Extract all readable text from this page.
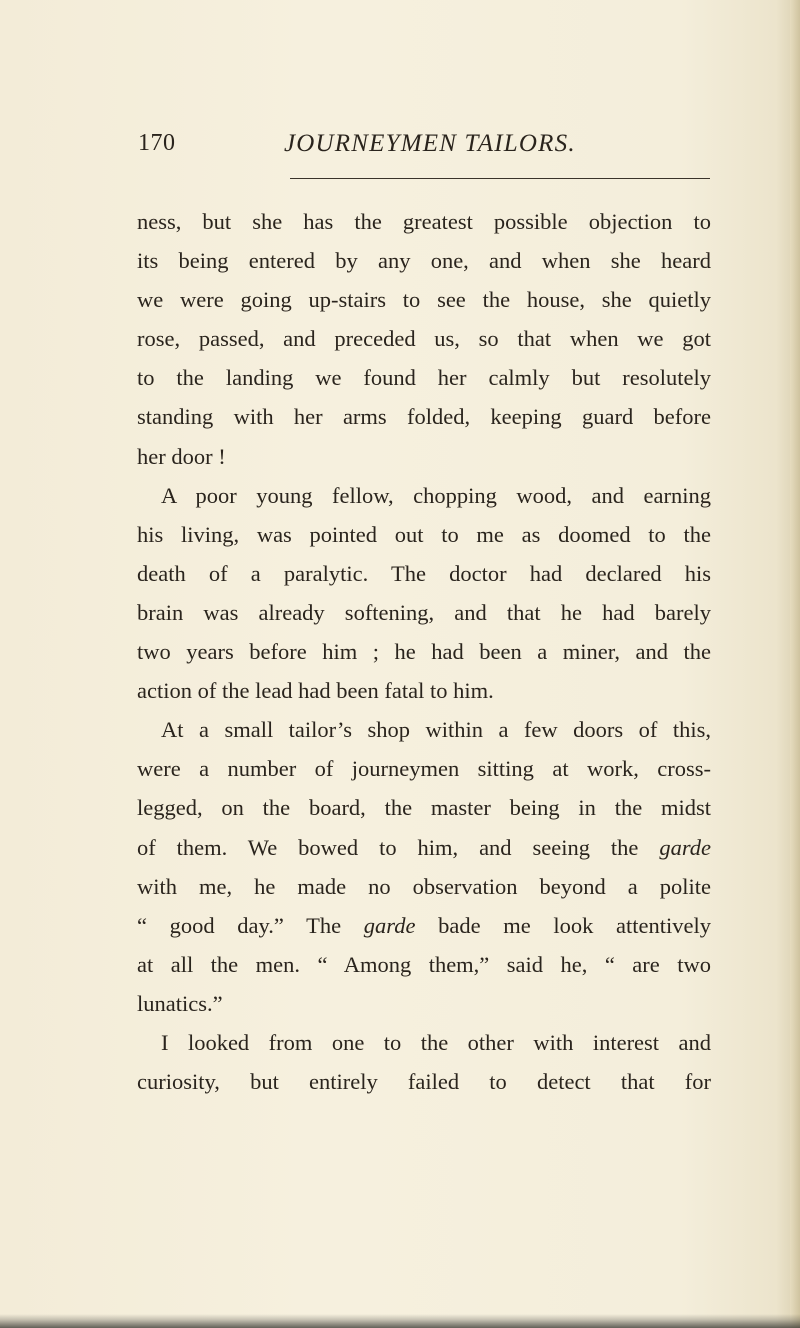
170	JOURNEYMEN TAILORS.
ness, but she has the greatest possible objection to
its being entered by any one, and when she heard
we were going up-stairs to see the house, she quietly
rose, passed, and preceded us, so that when we got
to the landing we found her calmly but resolutely
standing with her arms folded, keeping guard before
her door !
A poor young fellow, chopping wood, and earning
his living, was pointed out to me as doomed to the
death of a paralytic. The doctor had declared his
brain was already softening, and that he had barely
two years before him ; he had been a miner, and the
action of the lead had been fatal to him.
At a small tailor’s shop within a few doors of this,
were a number of journeymen sitting at work, cross-
legged, on the board, the master being in the midst
of them. We bowed to him, and seeing the garde
with me, he made no observation beyond a polite
“ good day.” The garde bade me look attentively
at all the men. “ Among them,” said he, “ are two
lunatics.”
I looked from one to the other with interest and
curiosity, but entirely failed to detect that for
